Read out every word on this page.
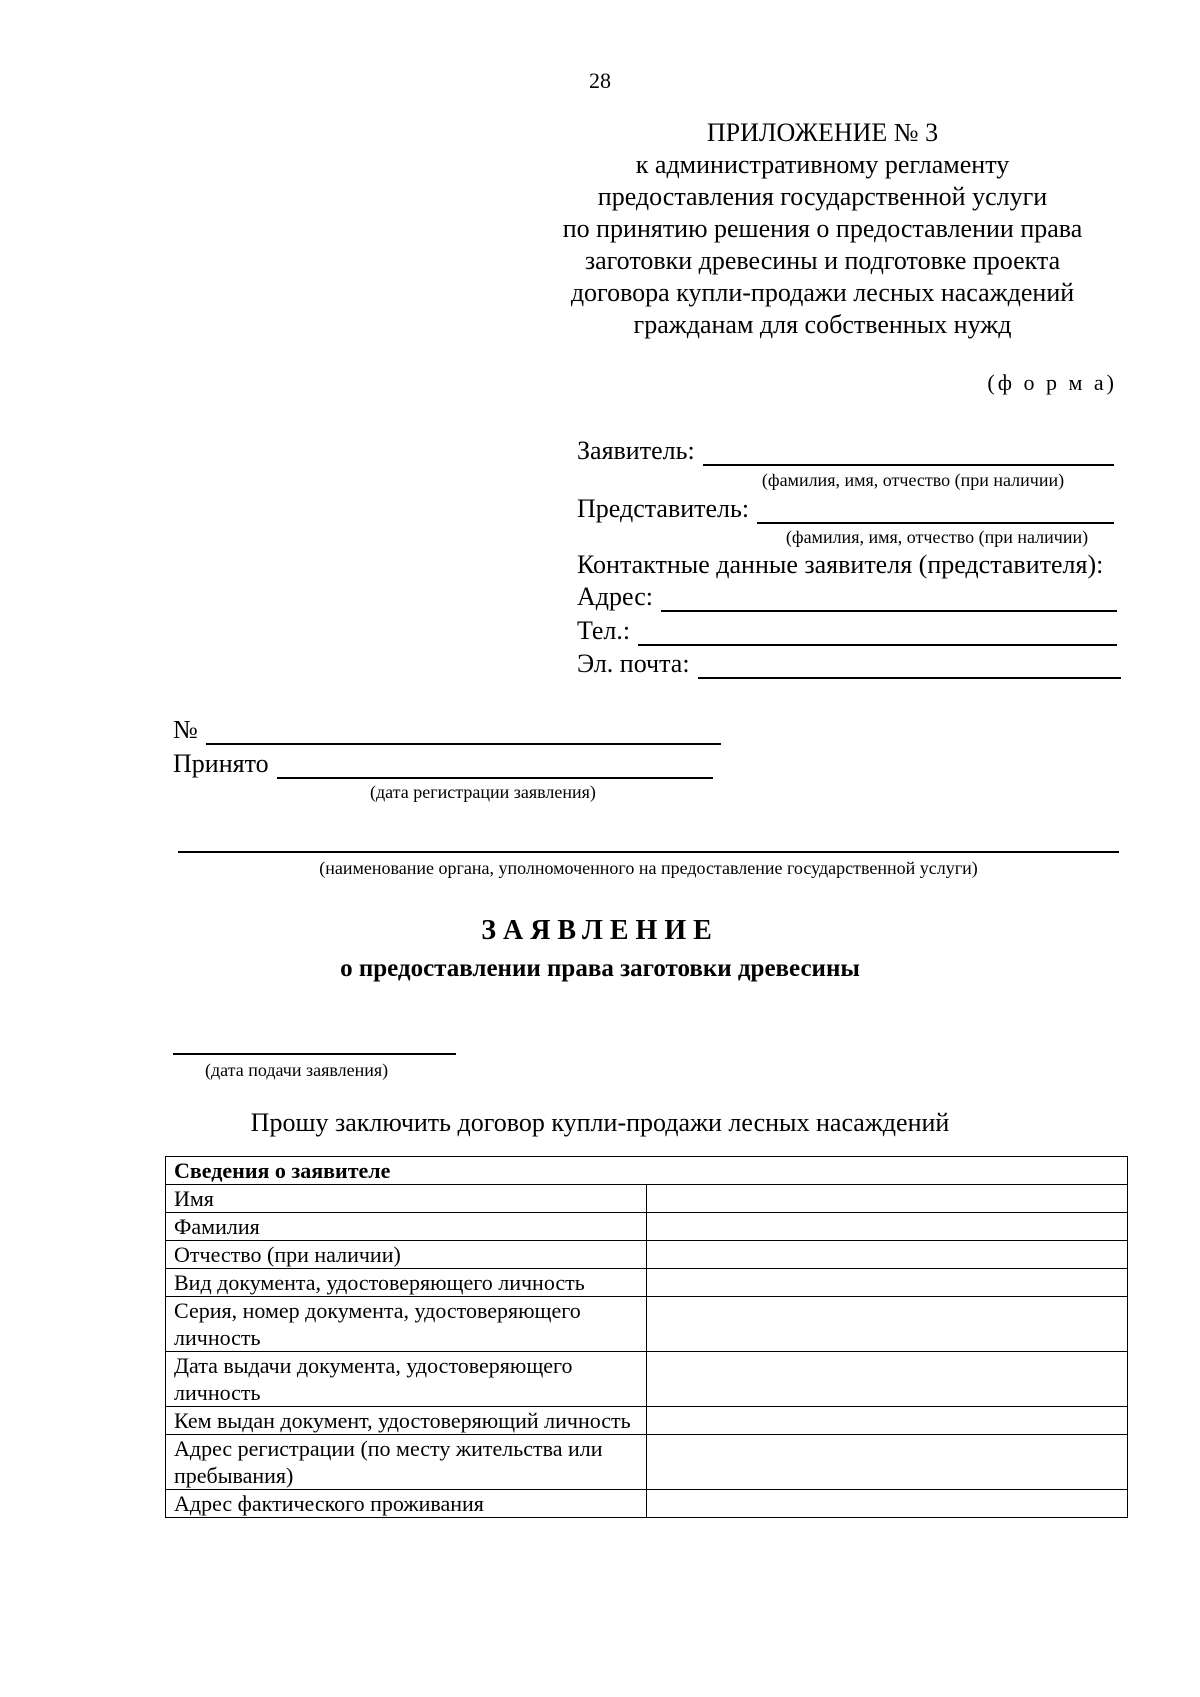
28
ПРИЛОЖЕНИЕ № 3
к административному регламенту
предоставления государственной услуги
по принятию решения о предоставлении права
заготовки древесины и подготовке проекта
договора купли-продажи лесных насаждений
гражданам для собственных нужд
(ф о р м а)
Заявитель:
(фамилия, имя, отчество (при наличии)
Представитель:
(фамилия, имя, отчество (при наличии)
Контактные данные заявителя (представителя):
Адрес:
Тел.:
Эл. почта:
№
Принято
(дата регистрации заявления)
(наименование органа, уполномоченного на предоставление государственной услуги)
ЗАЯВЛЕНИЕ
о предоставлении права заготовки древесины
(дата подачи заявления)
Прошу заключить договор купли-продажи лесных насаждений
Сведения о заявителе	
Имя	
Фамилия	
Отчество (при наличии)	
Вид документа, удостоверяющего личность	
Серия, номер документа, удостоверяющего личность	
Дата выдачи документа, удостоверяющего личность	
Кем выдан документ, удостоверяющий личность	
Адрес регистрации (по месту жительства или пребывания)	
Адрес фактического проживания	
